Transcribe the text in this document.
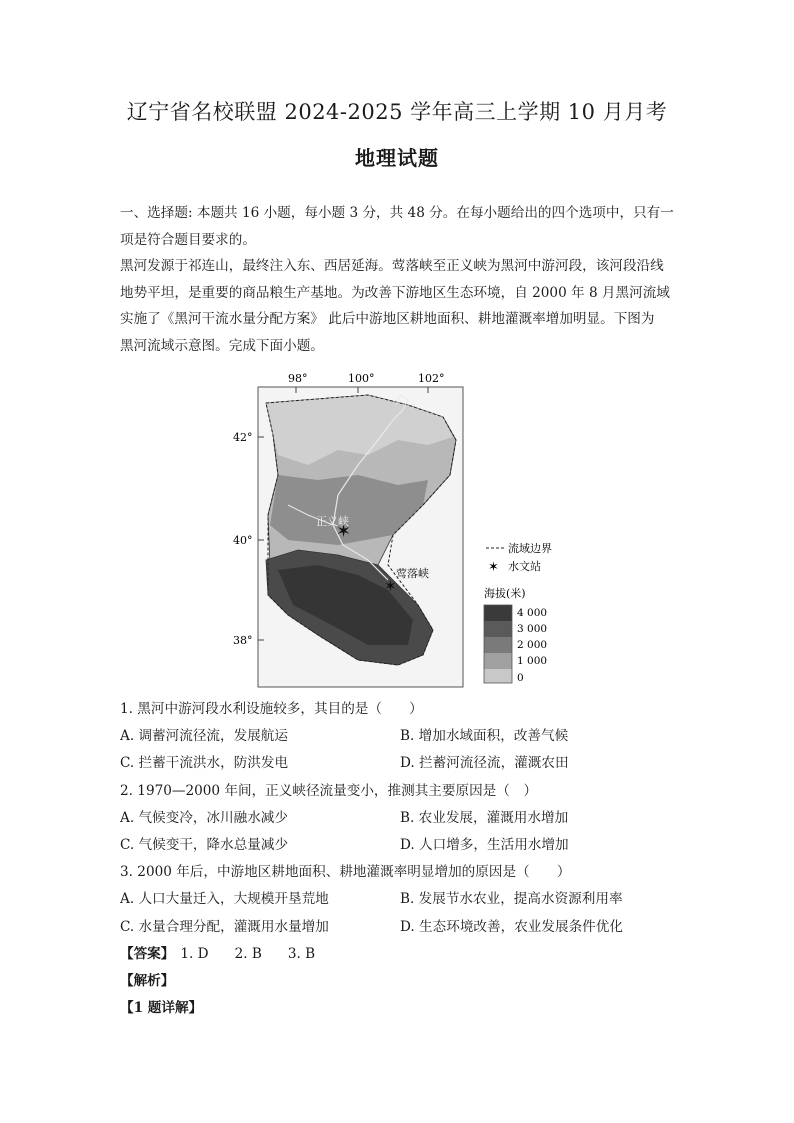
辽宁省名校联盟 2024-2025 学年高三上学期 10 月月考
地理试题

一、选择题: 本题共 16 小题，每小题 3 分，共 48 分。在每小题给出的四个选项中，只有一

项是符合题目要求的。

黑河发源于祁连山，最终注入东、西居延海。莺落峡至正义峡为黑河中游河段，该河段沿线

地势平坦，是重要的商品粮生产基地。为改善下游地区生态环境，自 2000 年 8 月黑河流域

实施了《黑河干流水量分配方案》 此后中游地区耕地面积、耕地灌溉率增加明显。下图为

黑河流域示意图。完成下面小题。

98°	100°	102°
42°
40°
38°
✶
正义峡
✶
莺落峡
流域边界
✶ 水文站
海拔(米)
4 000
3 000
2 000
1 000
0

1. 黑河中游河段水利设施较多，其目的是（　　）

A. 调蓄河流径流，发展航运	B. 增加水域面积，改善气候
C. 拦蓄干流洪水，防洪发电	D. 拦蓄河流径流，灌溉农田

2. 1970—2000 年间，正义峡径流量变小，推测其主要原因是（　）

A. 气候变冷，冰川融水减少	B. 农业发展，灌溉用水增加
C. 气候变干，降水总量减少	D. 人口增多，生活用水增加

3. 2000 年后，中游地区耕地面积、耕地灌溉率明显增加的原因是（　　）

A. 人口大量迁入，大规模开垦荒地	B. 发展节水农业，提高水资源利用率
C. 水量合理分配，灌溉用水量增加	D. 生态环境改善，农业发展条件优化

【答案】 1. D 2. B 3. B

【解析】

【1 题详解】
